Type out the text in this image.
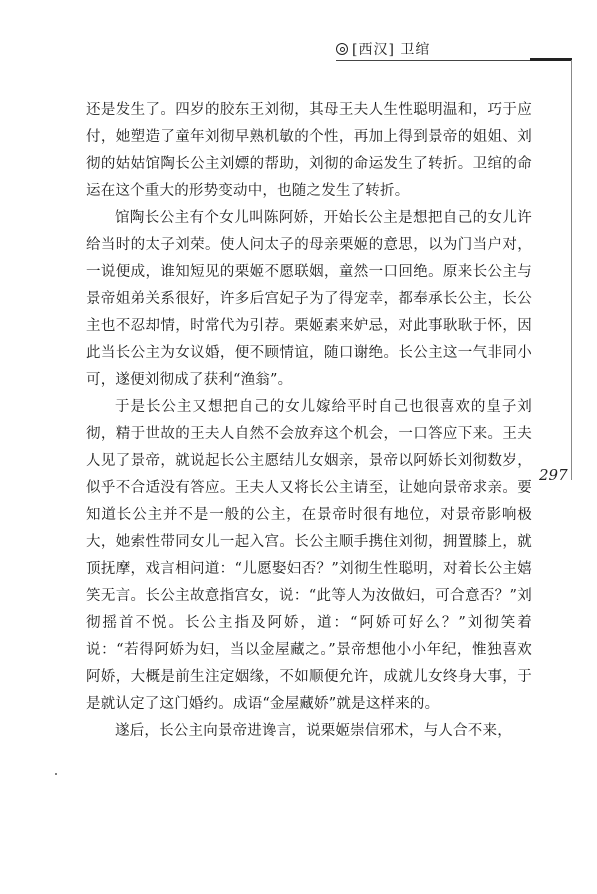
[西汉] 卫绾
297

还是发生了。四岁的胶东王刘彻，其母王夫人生性聪明温和，巧于应付，她塑造了童年刘彻早熟机敏的个性，再加上得到景帝的姐姐、刘彻的姑姑馆陶长公主刘嫖的帮助，刘彻的命运发生了转折。卫绾的命运在这个重大的形势变动中，也随之发生了转折。

馆陶长公主有个女儿叫陈阿娇，开始长公主是想把自己的女儿许给当时的太子刘荣。使人问太子的母亲栗姬的意思，以为门当户对，一说便成，谁知短见的栗姬不愿联姻，童然一口回绝。原来长公主与景帝姐弟关系很好，许多后宫妃子为了得宠幸，都奉承长公主，长公主也不忍却情，时常代为引荐。栗姬素来妒忌，对此事耿耿于怀，因此当长公主为女议婚，便不顾情谊，随口谢绝。长公主这一气非同小可，遂便刘彻成了获利“渔翁”。

于是长公主又想把自己的女儿嫁给平时自己也很喜欢的皇子刘彻，精于世故的王夫人自然不会放弃这个机会，一口答应下来。王夫人见了景帝，就说起长公主愿结儿女姻亲，景帝以阿娇长刘彻数岁，似乎不合适没有答应。王夫人又将长公主请至，让她向景帝求亲。要知道长公主并不是一般的公主，在景帝时很有地位，对景帝影响极大，她索性带同女儿一起入宫。长公主顺手携住刘彻，拥置膝上，就顶抚摩，戏言相问道：“儿愿娶妇否？”刘彻生性聪明，对着长公主嬉笑无言。长公主故意指宫女，说：“此等人为汝做妇，可合意否？”刘彻摇首不悦。长公主指及阿娇，道：“阿娇可好么？”刘彻笑着说：“若得阿娇为妇，当以金屋藏之。”景帝想他小小年纪，惟独喜欢阿娇，大概是前生注定姻缘，不如顺便允许，成就儿女终身大事，于是就认定了这门婚约。成语“金屋藏娇”就是这样来的。

遂后，长公主向景帝进谗言，说栗姬崇信邪术，与人合不来，
